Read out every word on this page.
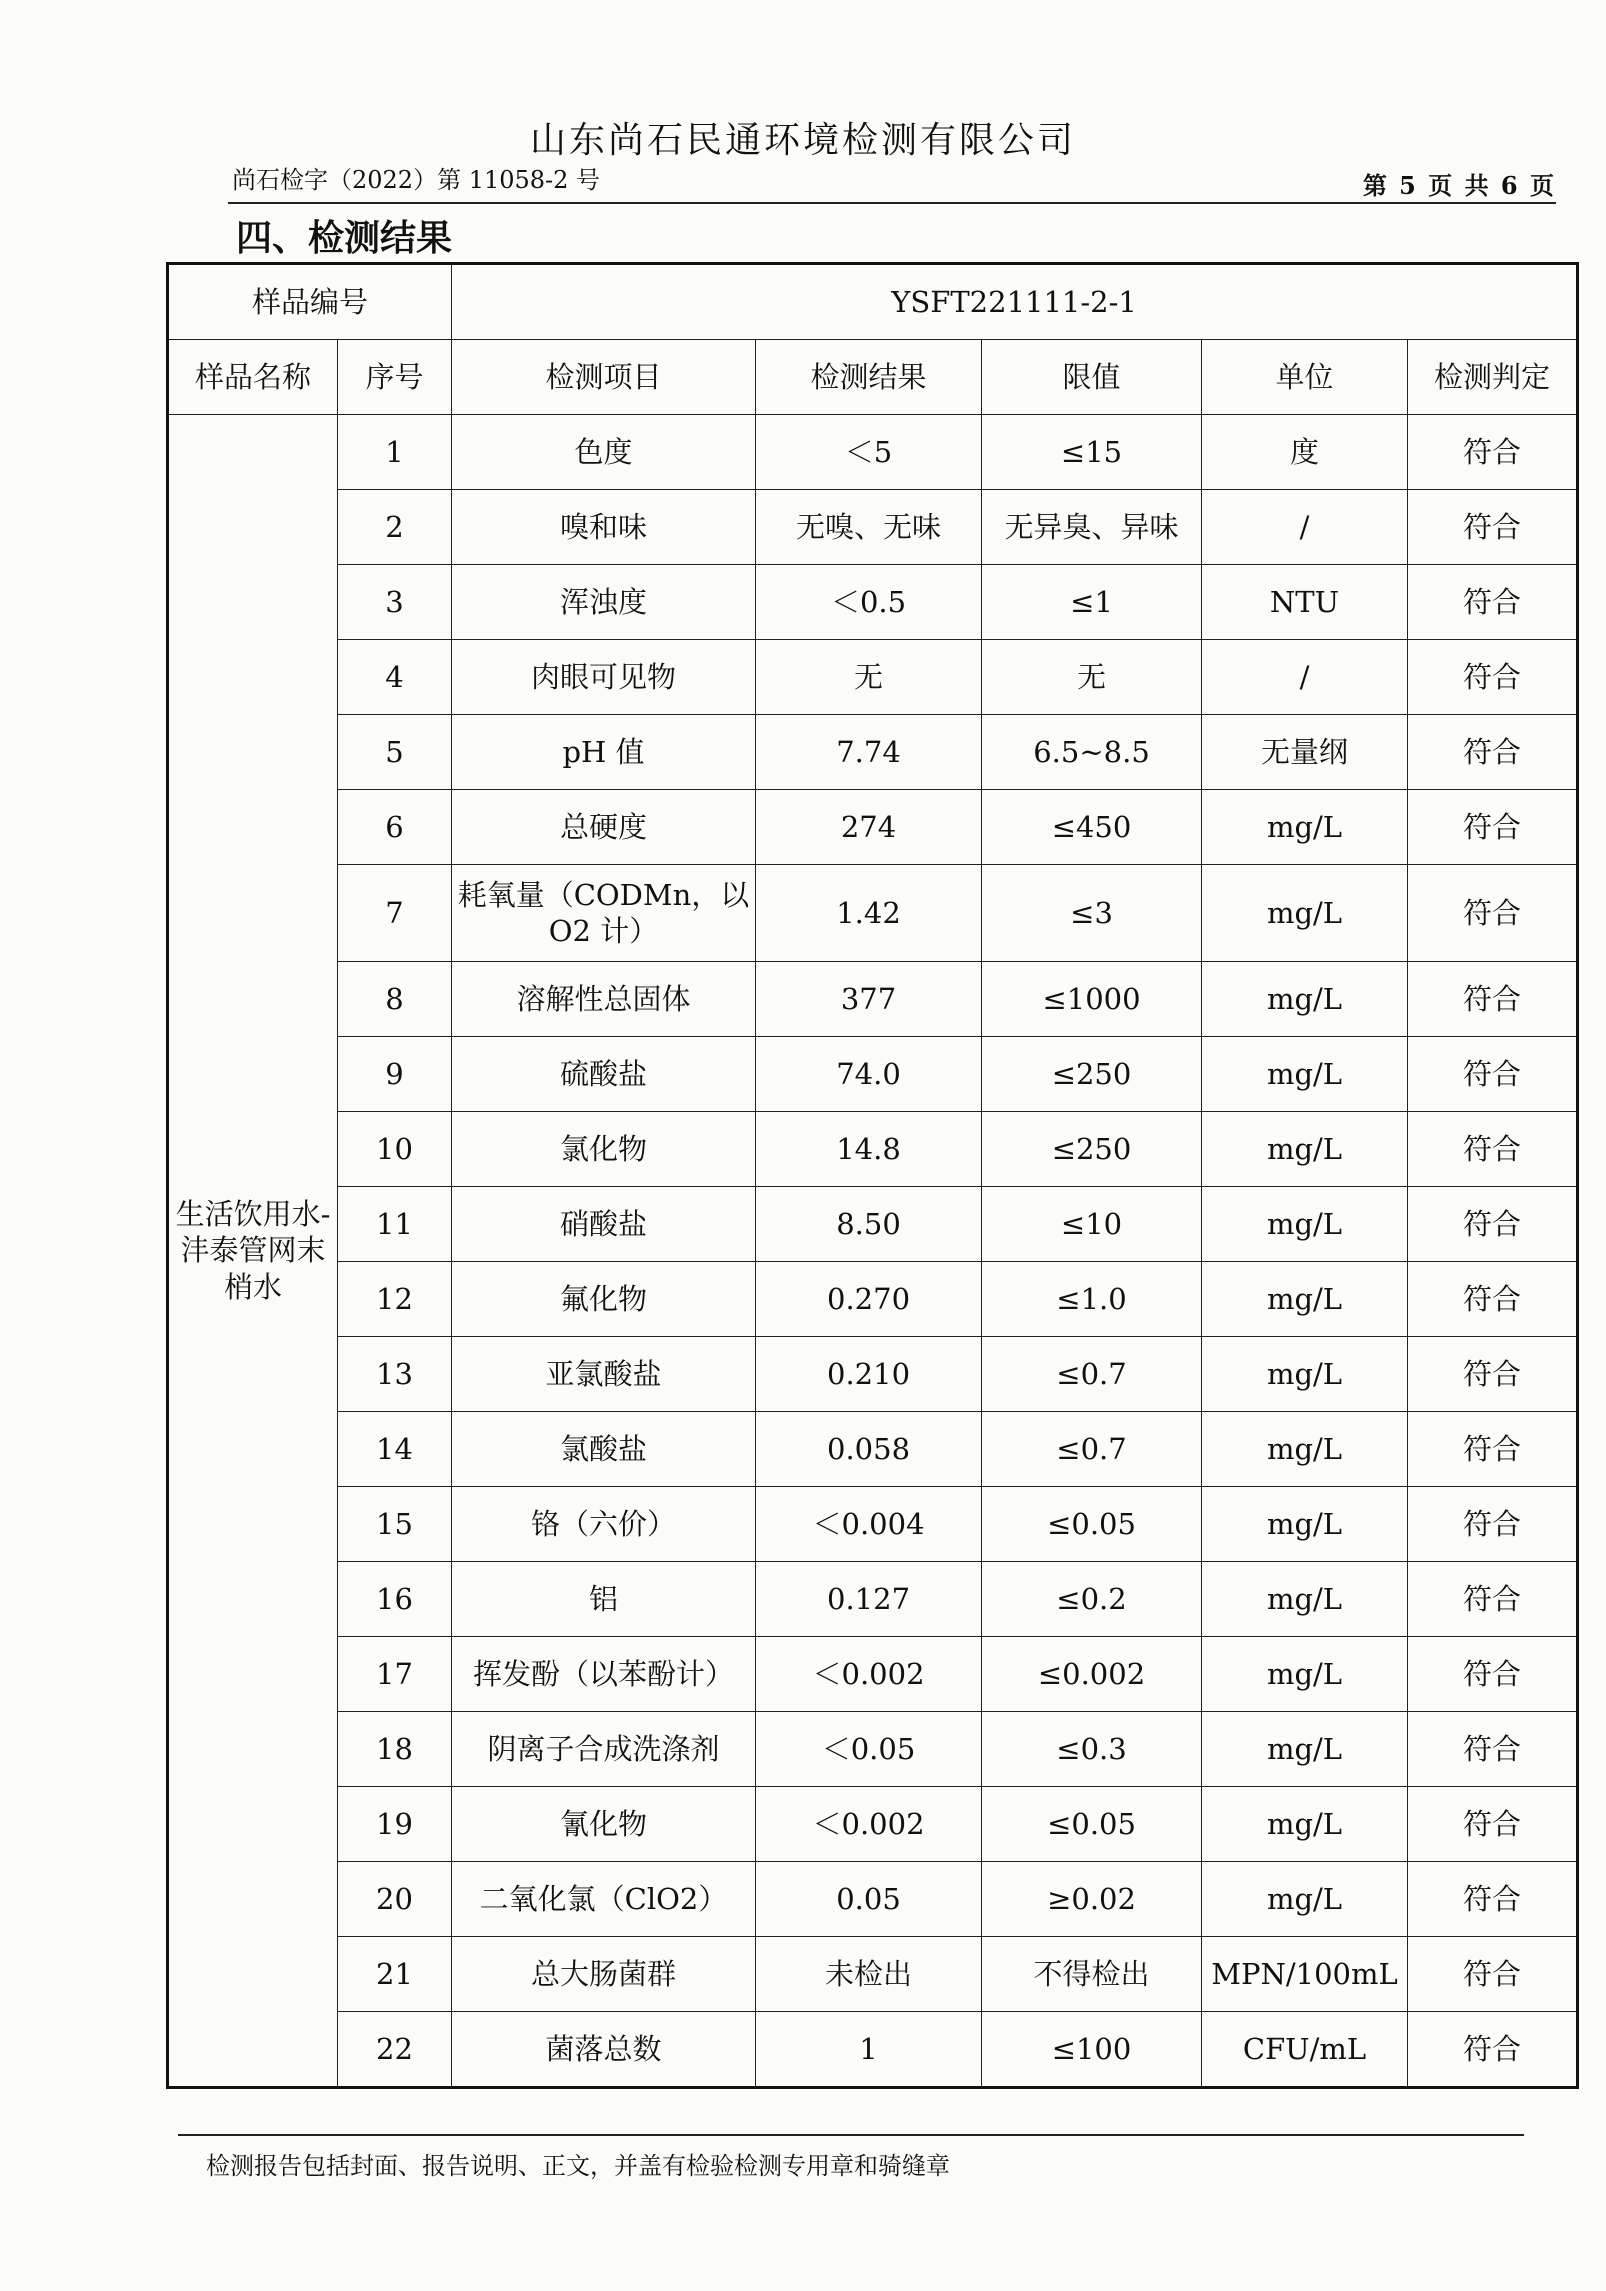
山东尚石民通环境检测有限公司
尚石检字（2022）第 11058-2 号	第 5 页 共 6 页
四、检测结果
样品编号		YSFT221111-2-1				
样品名称	序号	检测项目	检测结果	限值	单位	检测判定
生活饮用水-沣泰管网末梢水	1	色度	＜5	≤15	度	符合
	2	嗅和味	无嗅、无味	无异臭、异味	/	符合
	3	浑浊度	＜0.5	≤1	NTU	符合
	4	肉眼可见物	无	无	/	符合
	5	pH 值	7.74	6.5~8.5	无量纲	符合
	6	总硬度	274	≤450	mg/L	符合
	7	耗氧量（CODMn，以 O2 计）	1.42	≤3	mg/L	符合
	8	溶解性总固体	377	≤1000	mg/L	符合
	9	硫酸盐	74.0	≤250	mg/L	符合
	10	氯化物	14.8	≤250	mg/L	符合
	11	硝酸盐	8.50	≤10	mg/L	符合
	12	氟化物	0.270	≤1.0	mg/L	符合
	13	亚氯酸盐	0.210	≤0.7	mg/L	符合
	14	氯酸盐	0.058	≤0.7	mg/L	符合
	15	铬（六价）	＜0.004	≤0.05	mg/L	符合
	16	铝	0.127	≤0.2	mg/L	符合
	17	挥发酚（以苯酚计）	＜0.002	≤0.002	mg/L	符合
	18	阴离子合成洗涤剂	＜0.05	≤0.3	mg/L	符合
	19	氰化物	＜0.002	≤0.05	mg/L	符合
	20	二氧化氯（ClO2）	0.05	≥0.02	mg/L	符合
	21	总大肠菌群	未检出	不得检出	MPN/100mL	符合
	22	菌落总数	1	≤100	CFU/mL	符合
检测报告包括封面、报告说明、正文，并盖有检验检测专用章和骑缝章
